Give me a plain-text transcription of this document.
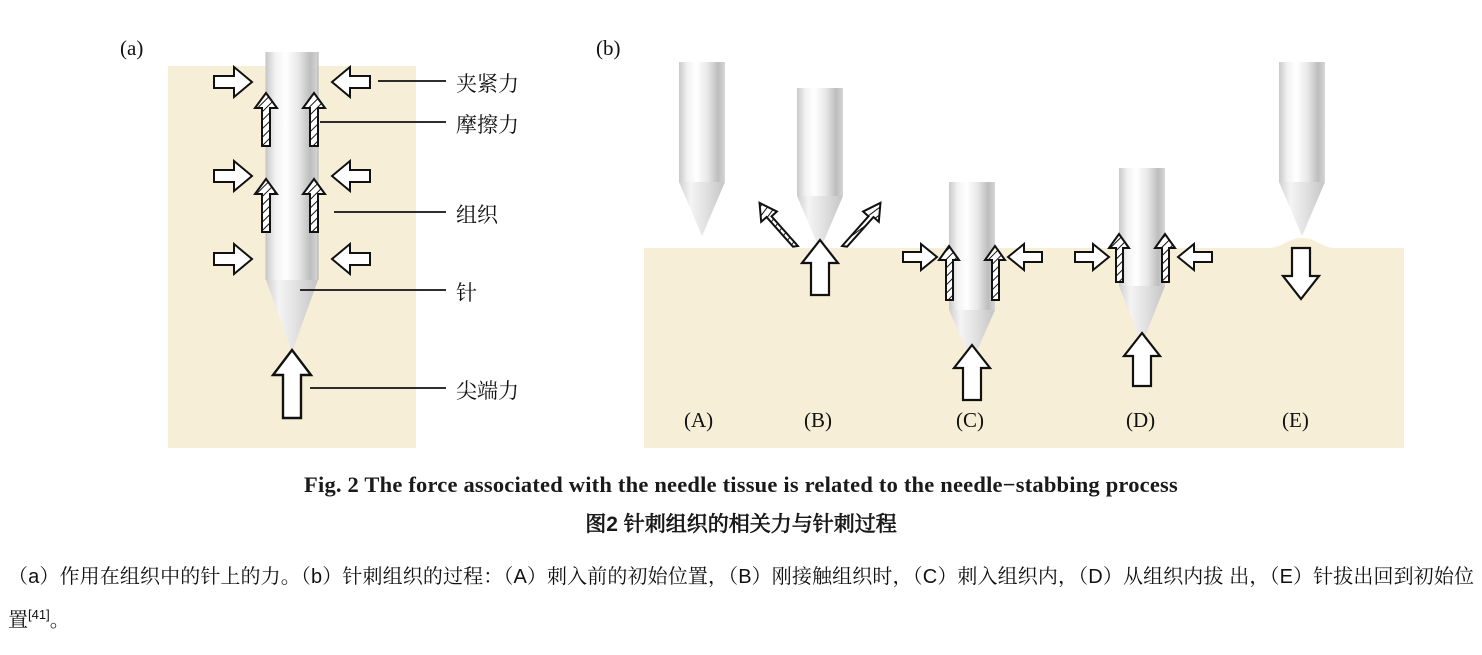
(a)	(b)
夹紧力
摩擦力
组织
针
尖端力
(A)	(B)	(C)	(D)	(E)
Fig. 2 The force associated with the needle tissue is related to the needle−stabbing process
图2 针刺组织的相关力与针刺过程
（a）作用在组织中的针上的力。（b）针刺组织的过程：（A）刺入前的初始位置，（B）刚接触组织时，（C）刺入组织内，（D）从组织内拔 出，（E）针拔出回到初始位置[41]。
